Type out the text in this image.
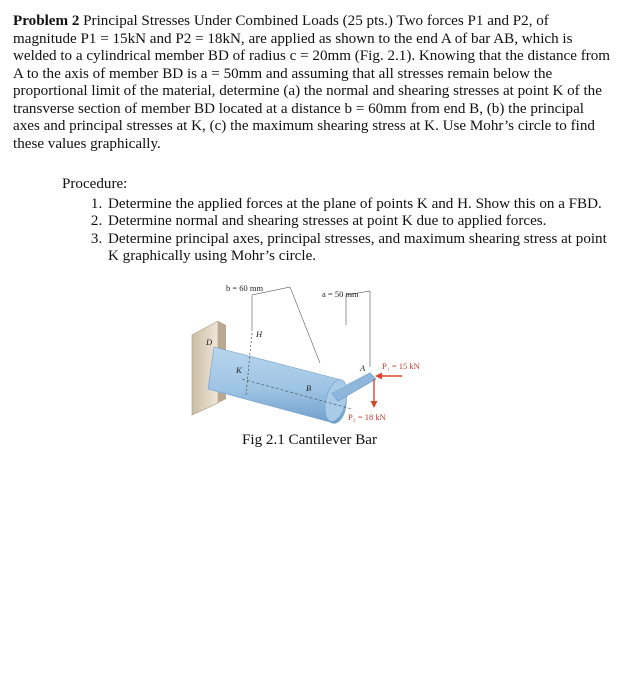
Problem 2 Principal Stresses Under Combined Loads (25 pts.) Two forces P1 and P2, of magnitude P1 = 15kN and P2 = 18kN, are applied as shown to the end A of bar AB, which is welded to a cylindrical member BD of radius c = 20mm (Fig. 2.1). Knowing that the distance from A to the axis of member BD is a = 50mm and assuming that all stresses remain below the proportional limit of the material, determine (a) the normal and shearing stresses at point K of the transverse section of member BD located at a distance b = 60mm from end B, (b) the principal axes and principal stresses at K, (c) the maximum shearing stress at K. Use Mohr’s circle to find these values graphically.
Procedure:
1. Determine the applied forces at the plane of points K and H. Show this on a FBD.
2. Determine normal and shearing stresses at point K due to applied forces.
3. Determine principal axes, principal stresses, and maximum shearing stress at point K graphically using Mohr’s circle.
b = 60 mm
a = 50 mm
D
H
K
B
A P₁ = 15 kN
P₂ = 18 kN
Fig 2.1 Cantilever Bar
